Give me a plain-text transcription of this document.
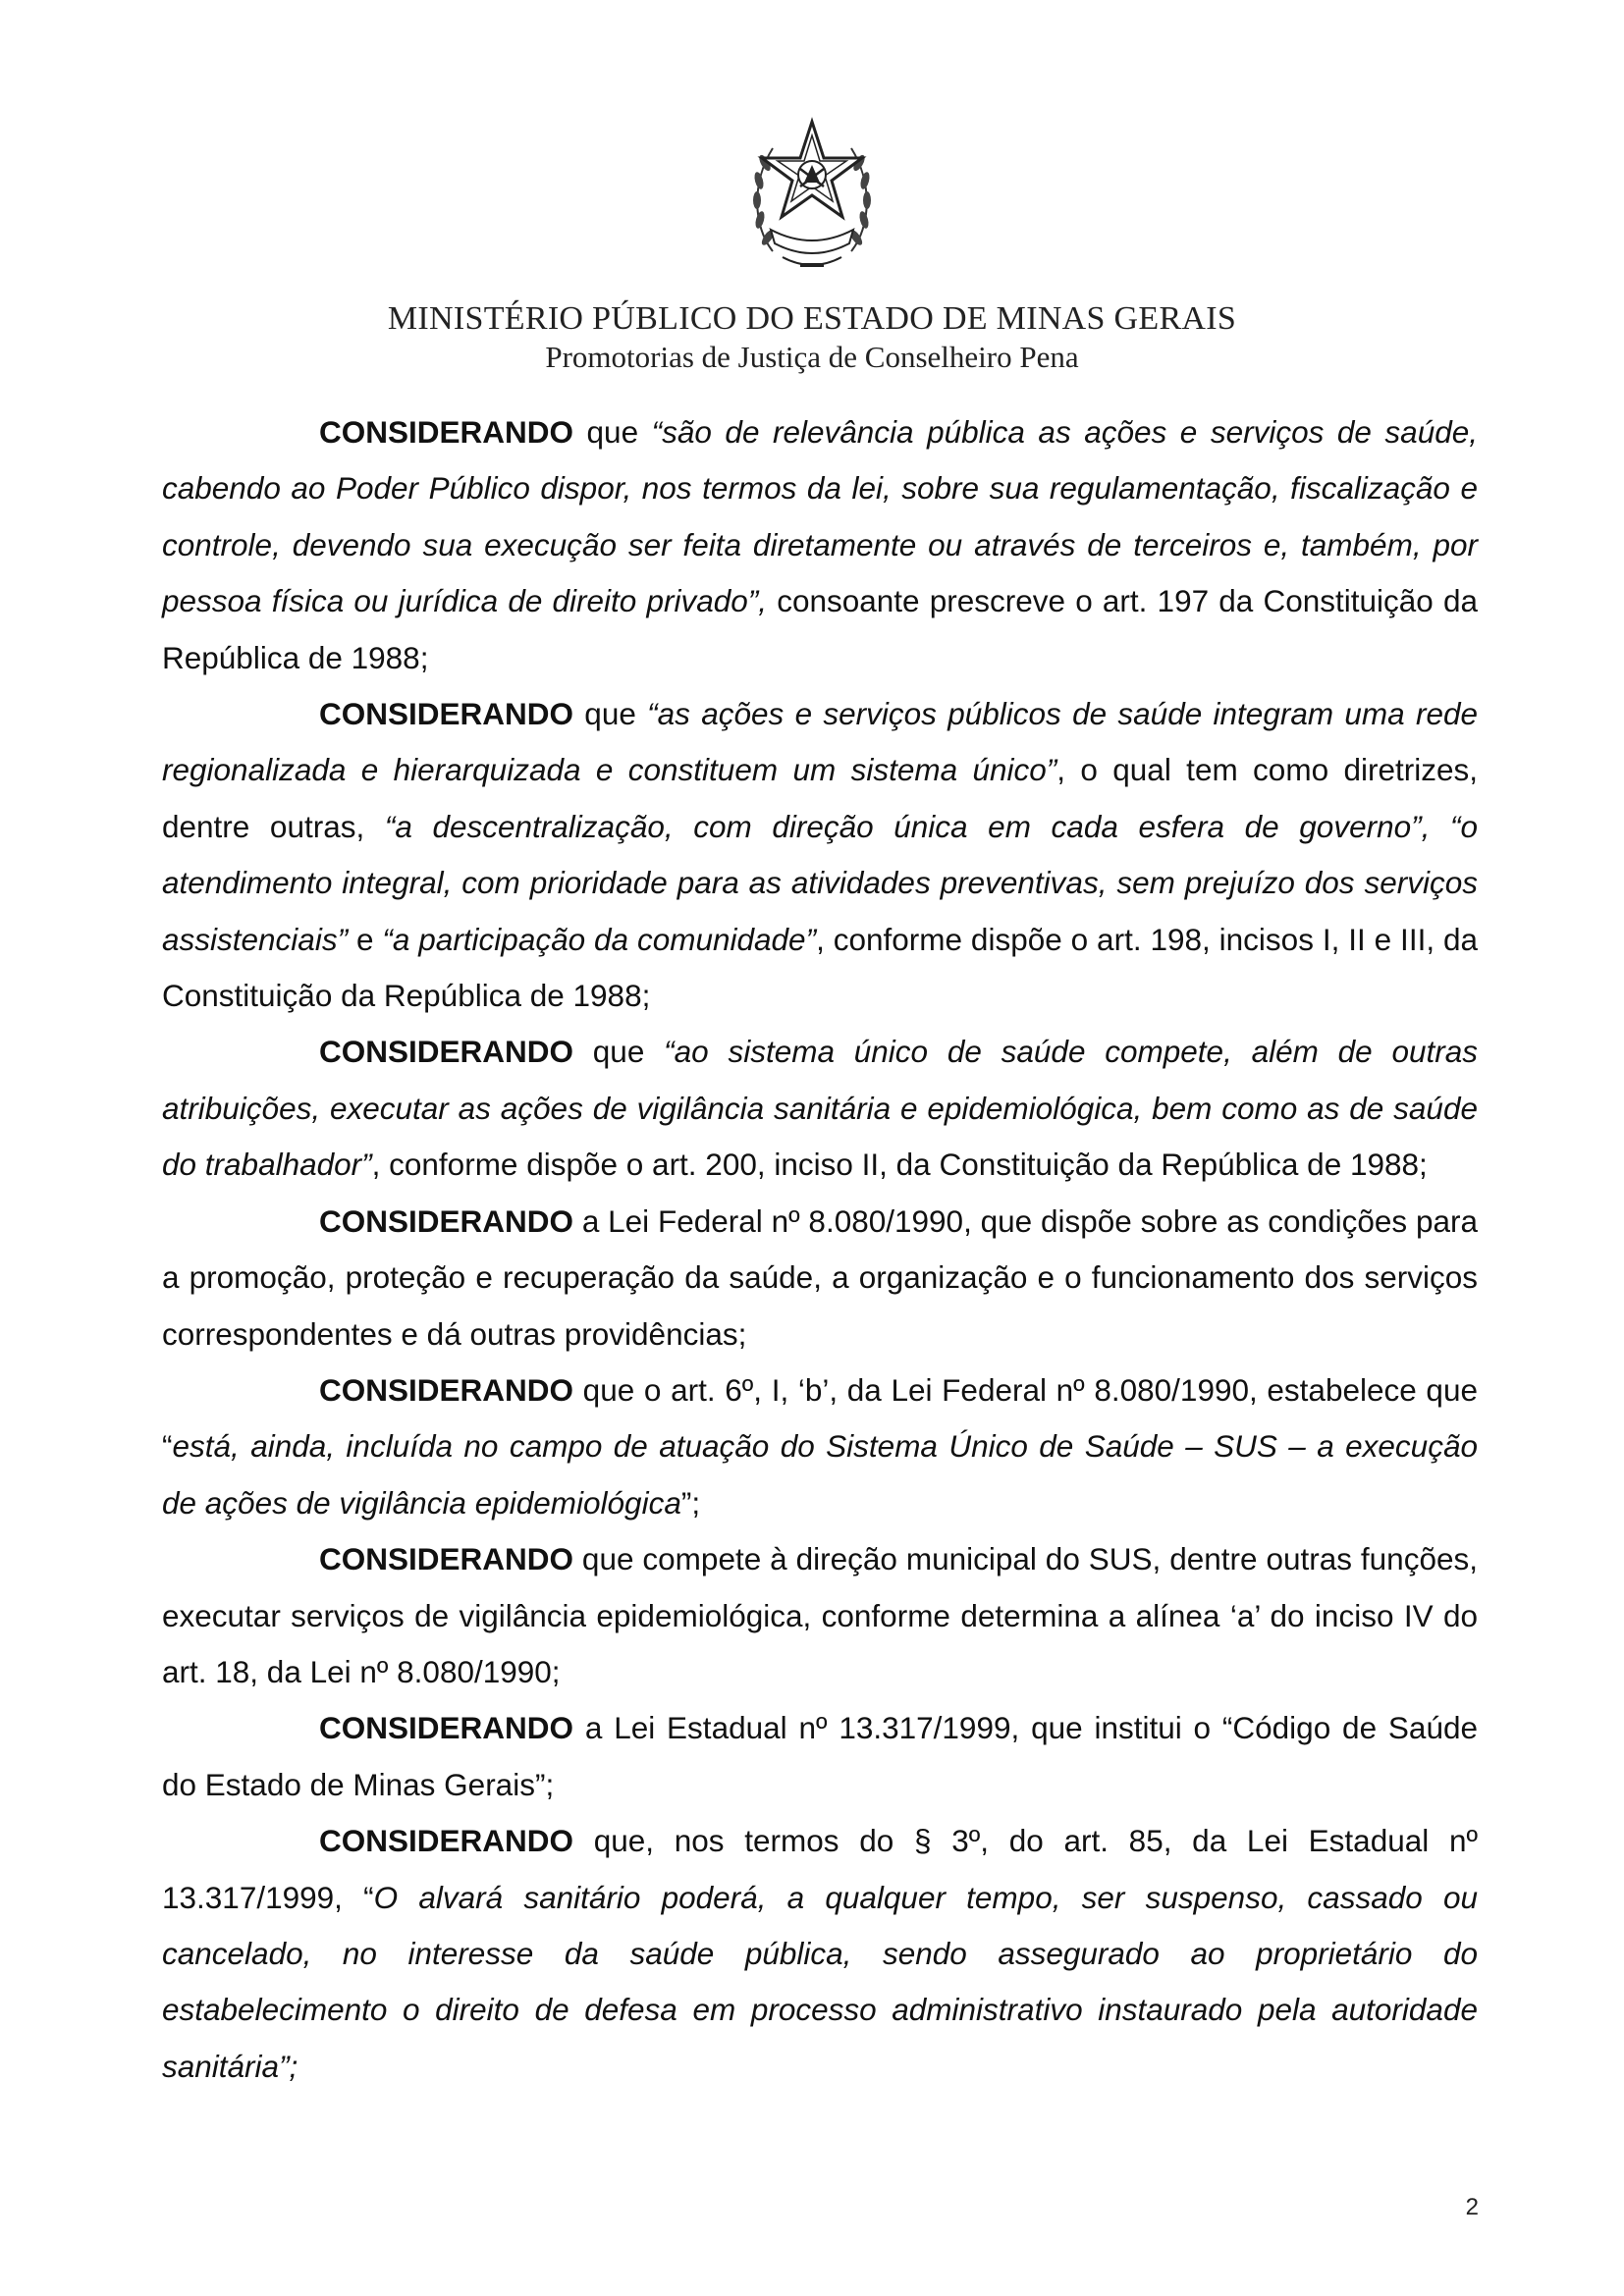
MINISTÉRIO PÚBLICO DO ESTADO DE MINAS GERAIS
Promotorias de Justiça de Conselheiro Pena

CONSIDERANDO que “são de relevância pública as ações e serviços de saúde, cabendo ao Poder Público dispor, nos termos da lei, sobre sua regulamentação, fiscalização e controle, devendo sua execução ser feita diretamente ou através de terceiros e, também, por pessoa física ou jurídica de direito privado”, consoante prescreve o art. 197 da Constituição da República de 1988;

CONSIDERANDO que “as ações e serviços públicos de saúde integram uma rede regionalizada e hierarquizada e constituem um sistema único”, o qual tem como diretrizes, dentre outras, “a descentralização, com direção única em cada esfera de governo”, “o atendimento integral, com prioridade para as atividades preventivas, sem prejuízo dos serviços assistenciais” e “a participação da comunidade”, conforme dispõe o art. 198, incisos I, II e III, da Constituição da República de 1988;

CONSIDERANDO que “ao sistema único de saúde compete, além de outras atribuições, executar as ações de vigilância sanitária e epidemiológica, bem como as de saúde do trabalhador”, conforme dispõe o art. 200, inciso II, da Constituição da República de 1988;

CONSIDERANDO a Lei Federal nº 8.080/1990, que dispõe sobre as condições para a promoção, proteção e recuperação da saúde, a organização e o funcionamento dos serviços correspondentes e dá outras providências;

CONSIDERANDO que o art. 6º, I, ‘b’, da Lei Federal nº 8.080/1990, estabelece que “está, ainda, incluída no campo de atuação do Sistema Único de Saúde – SUS – a execução de ações de vigilância epidemiológica”;

CONSIDERANDO que compete à direção municipal do SUS, dentre outras funções, executar serviços de vigilância epidemiológica, conforme determina a alínea ‘a’ do inciso IV do art. 18, da Lei nº 8.080/1990;

CONSIDERANDO a Lei Estadual nº 13.317/1999, que institui o “Código de Saúde do Estado de Minas Gerais”;

CONSIDERANDO que, nos termos do § 3º, do art. 85, da Lei Estadual nº 13.317/1999, “O alvará sanitário poderá, a qualquer tempo, ser suspenso, cassado ou cancelado, no interesse da saúde pública, sendo assegurado ao proprietário do estabelecimento o direito de defesa em processo administrativo instaurado pela autoridade sanitária”;

2
